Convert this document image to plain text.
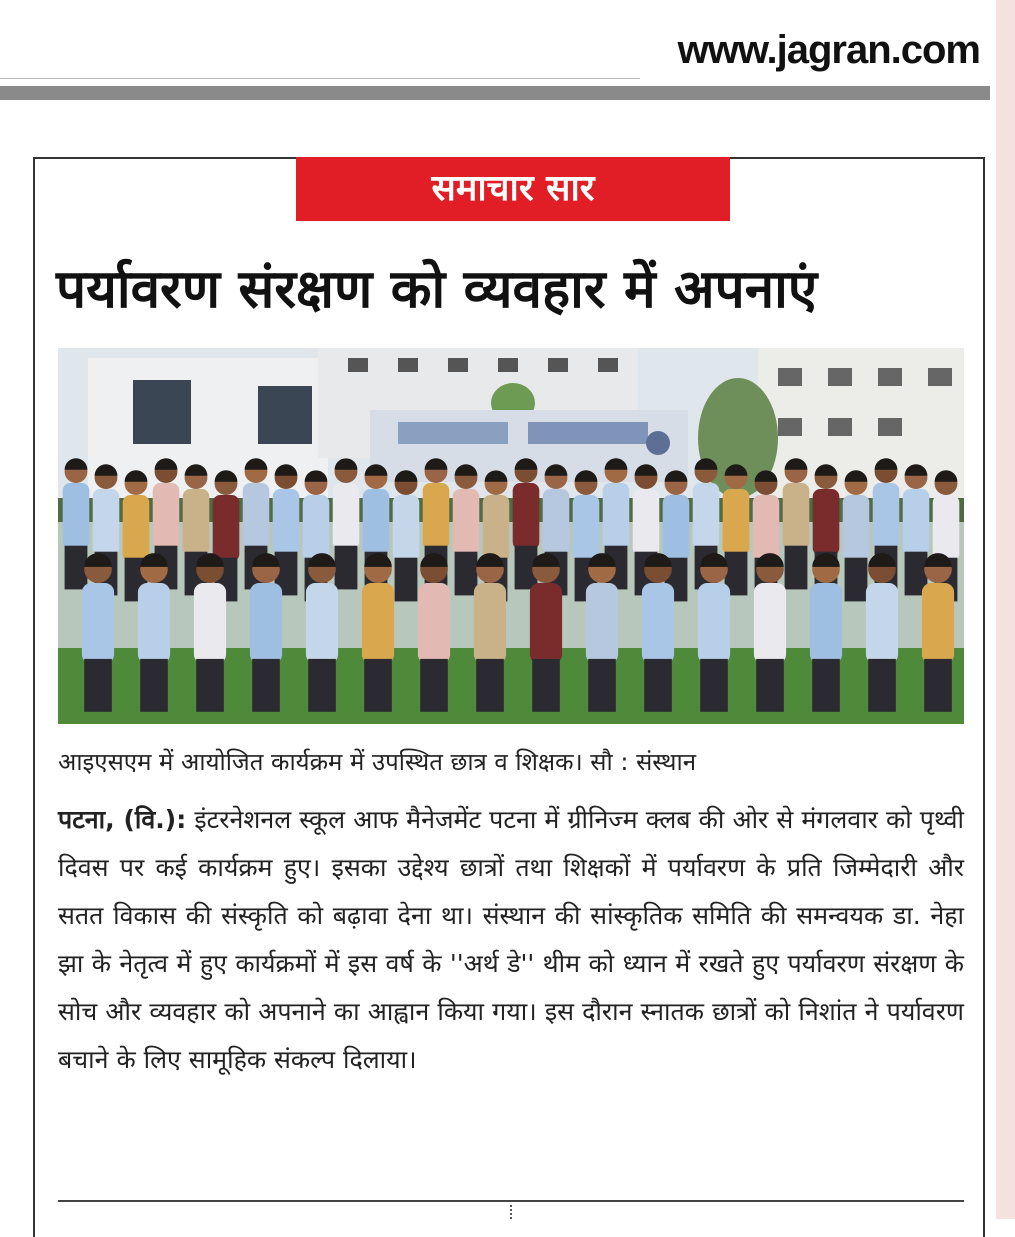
www.jagran.com
समाचार सार
पर्यावरण संरक्षण को व्यवहार में अपनाएं
आइएसएम में आयोजित कार्यक्रम में उपस्थित छात्र व शिक्षक। सौ : संस्थान
पटना, (वि.): इंटरनेशनल स्कूल आफ मैनेजमेंट पटना में ग्रीनिज्म क्लब की ओर से मंगलवार को पृथ्वी दिवस पर कई कार्यक्रम हुए। इसका उद्देश्य छात्रों तथा शिक्षकों में पर्यावरण के प्रति जिम्मेदारी और सतत विकास की संस्कृति को बढ़ावा देना था। संस्थान की सांस्कृतिक समिति की समन्वयक डा. नेहा झा के नेतृत्व में हुए कार्यक्रमों में इस वर्ष के ''अर्थ डे'' थीम को ध्यान में रखते हुए पर्यावरण संरक्षण के सोच और व्यवहार को अपनाने का आह्वान किया गया। इस दौरान स्नातक छात्रों को निशांत ने पर्यावरण बचाने के लिए सामूहिक संकल्प दिलाया।
